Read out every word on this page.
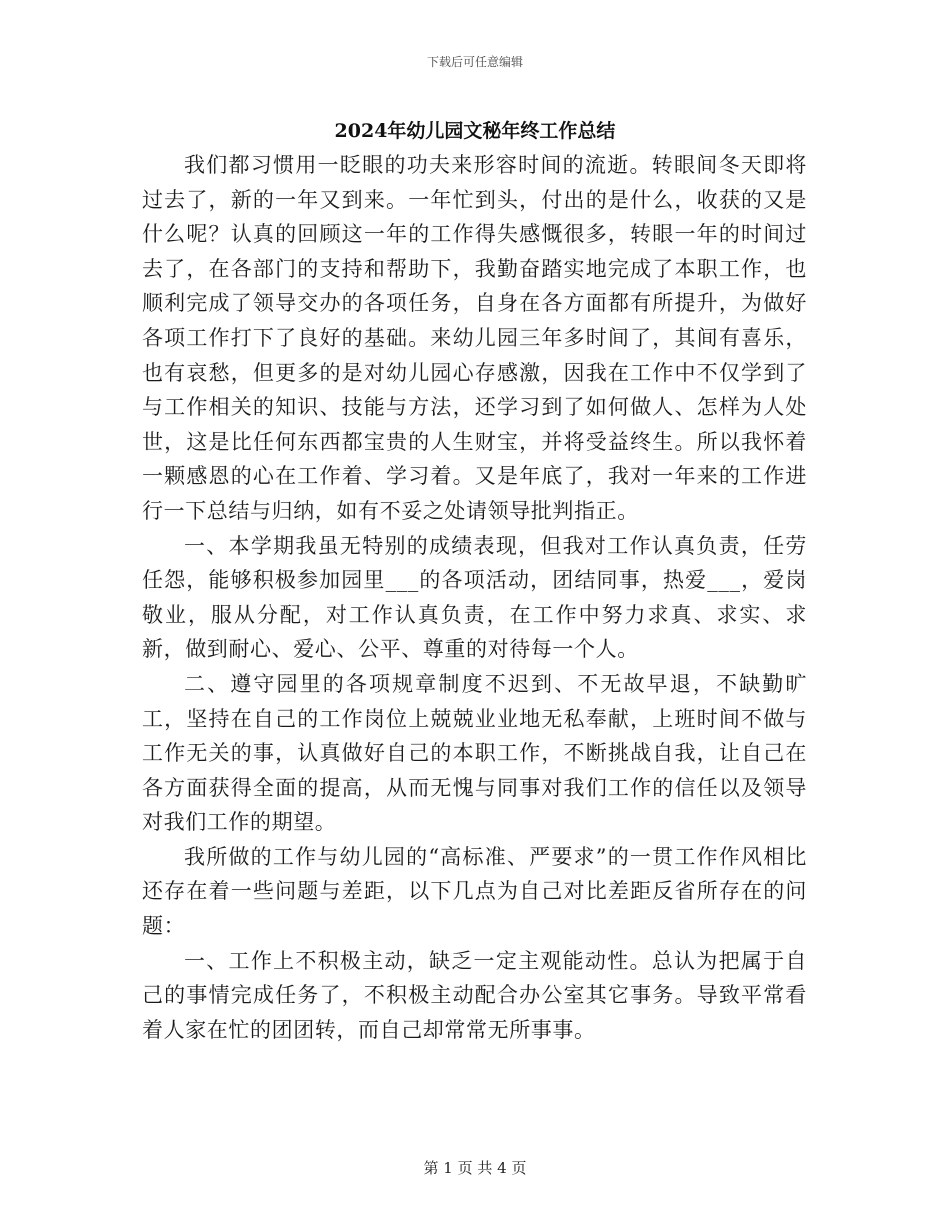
下载后可任意编辑
2024年幼儿园文秘年终工作总结

我们都习惯用一眨眼的功夫来形容时间的流逝。转眼间冬天即将过去了，新的一年又到来。一年忙到头，付出的是什么，收获的又是什么呢？认真的回顾这一年的工作得失感慨很多，转眼一年的时间过去了，在各部门的支持和帮助下，我勤奋踏实地完成了本职工作，也顺利完成了领导交办的各项任务，自身在各方面都有所提升，为做好各项工作打下了良好的基础。来幼儿园三年多时间了，其间有喜乐，也有哀愁，但更多的是对幼儿园心存感激，因我在工作中不仅学到了与工作相关的知识、技能与方法，还学习到了如何做人、怎样为人处世，这是比任何东西都宝贵的人生财宝，并将受益终生。所以我怀着一颗感恩的心在工作着、学习着。又是年底了，我对一年来的工作进行一下总结与归纳，如有不妥之处请领导批判指正。

一、本学期我虽无特别的成绩表现，但我对工作认真负责，任劳任怨，能够积极参加园里___的各项活动，团结同事，热爱___，爱岗敬业，服从分配，对工作认真负责，在工作中努力求真、求实、求新，做到耐心、爱心、公平、尊重的对待每一个人。

二、遵守园里的各项规章制度不迟到、不无故早退，不缺勤旷工，坚持在自己的工作岗位上兢兢业业地无私奉献，上班时间不做与工作无关的事，认真做好自己的本职工作，不断挑战自我，让自己在各方面获得全面的提高，从而无愧与同事对我们工作的信任以及领导对我们工作的期望。

我所做的工作与幼儿园的“高标准、严要求”的一贯工作作风相比还存在着一些问题与差距，以下几点为自己对比差距反省所存在的问题：

一、工作上不积极主动，缺乏一定主观能动性。总认为把属于自己的事情完成任务了，不积极主动配合办公室其它事务。导致平常看着人家在忙的团团转，而自己却常常无所事事。

第 1 页 共 4 页
